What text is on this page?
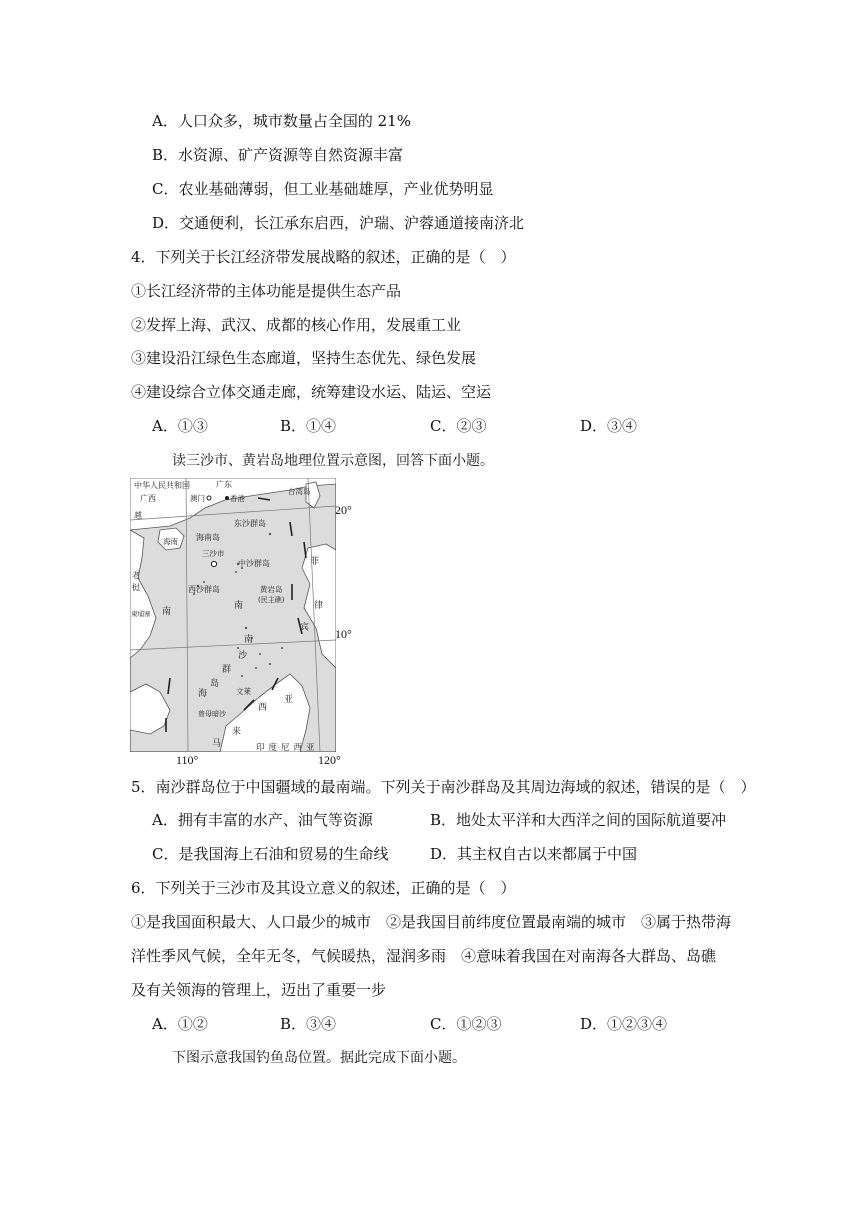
A．人口众多，城市数量占全国的 21%
B．水资源、矿产资源等自然资源丰富
C．农业基础薄弱，但工业基础雄厚，产业优势明显
D．交通便利，长江承东启西，沪瑞、沪蓉通道接南济北
4．下列关于长江经济带发展战略的叙述，正确的是（　）
①长江经济带的主体功能是提供生态产品
②发挥上海、武汉、成都的核心作用，发展重工业
③建设沿江绿色生态廊道，坚持生态优先、绿色发展
④建设综合立体交通走廊，统筹建设水运、陆运、空运
A．①③	B．①④	C．②③	D．③④
读三沙市、黄岩岛地理位置示意图，回答下面小题。
中华人民共和国	广东
广西	澳门	香港
台湾岛
越
东沙群岛
海南岛
海南
三沙市
中沙群岛
西沙群岛	黄岩岛
(民主礁)
老
挝
柬埔寨 南
南
海
南
沙
群
岛
菲
律
宾
文莱
曾母暗沙
亚
西
来
马	印度尼西亚
20°
10°
110°	120°
5．南沙群岛位于中国疆域的最南端。下列关于南沙群岛及其周边海域的叙述，错误的是（　）
A．拥有丰富的水产、油气等资源	B．地处太平洋和大西洋之间的国际航道要冲
C．是我国海上石油和贸易的生命线	D．其主权自古以来都属于中国
6．下列关于三沙市及其设立意义的叙述，正确的是（　）
①是我国面积最大、人口最少的城市　②是我国目前纬度位置最南端的城市　③属于热带海
洋性季风气候，全年无冬，气候暖热，湿润多雨　④意味着我国在对南海各大群岛、岛礁
及有关领海的管理上，迈出了重要一步
A．①②	B．③④	C．①②③	D．①②③④
下图示意我国钓鱼岛位置。据此完成下面小题。
